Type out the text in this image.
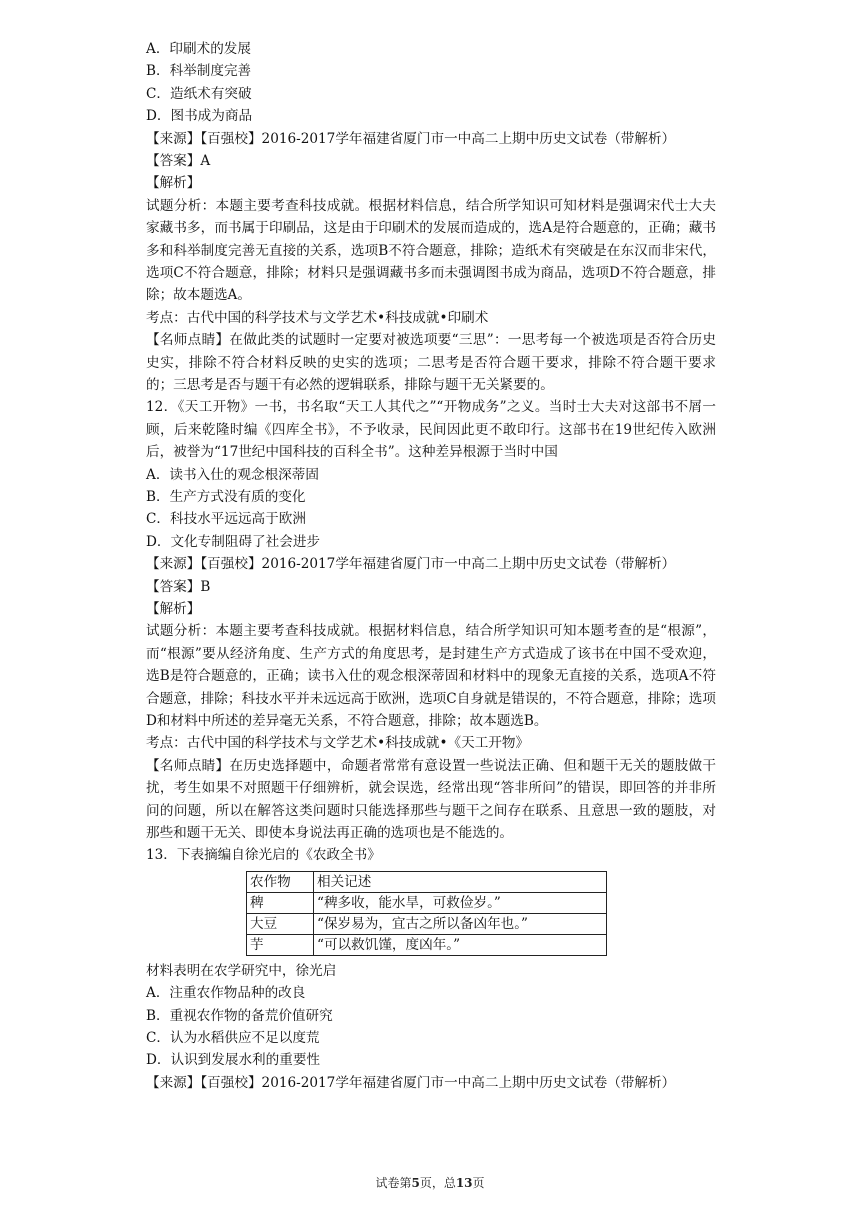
A．印刷术的发展
B．科举制度完善
C．造纸术有突破
D．图书成为商品
【来源】【百强校】2016-2017学年福建省厦门市一中高二上期中历史文试卷（带解析）
【答案】A
【解析】
试题分析：本题主要考查科技成就。根据材料信息，结合所学知识可知材料是强调宋代士大夫家藏书多，而书属于印刷品，这是由于印刷术的发展而造成的，选A是符合题意的，正确；藏书多和科举制度完善无直接的关系，选项B不符合题意，排除；造纸术有突破是在东汉而非宋代，选项C不符合题意，排除；材料只是强调藏书多而未强调图书成为商品，选项D不符合题意，排除；故本题选A。
考点：古代中国的科学技术与文学艺术•科技成就•印刷术
【名师点睛】在做此类的试题时一定要对被选项要“三思”：一思考每一个被选项是否符合历史史实，排除不符合材料反映的史实的选项；二思考是否符合题干要求，排除不符合题干要求的；三思考是否与题干有必然的逻辑联系，排除与题干无关紧要的。
12．《天工开物》一书，书名取“天工人其代之”“开物成务”之义。当时士大夫对这部书不屑一顾，后来乾隆时编《四库全书》，不予收录，民间因此更不敢印行。这部书在19世纪传入欧洲后，被誉为“17世纪中国科技的百科全书”。这种差异根源于当时中国
A．读书入仕的观念根深蒂固
B．生产方式没有质的变化
C．科技水平远远高于欧洲
D．文化专制阻碍了社会进步
【来源】【百强校】2016-2017学年福建省厦门市一中高二上期中历史文试卷（带解析）
【答案】B
【解析】
试题分析：本题主要考查科技成就。根据材料信息，结合所学知识可知本题考查的是“根源”，而“根源”要从经济角度、生产方式的角度思考，是封建生产方式造成了该书在中国不受欢迎，选B是符合题意的，正确；读书入仕的观念根深蒂固和材料中的现象无直接的关系，选项A不符合题意，排除；科技水平并未远远高于欧洲，选项C自身就是错误的，不符合题意，排除；选项D和材料中所述的差异毫无关系，不符合题意，排除；故本题选B。
考点：古代中国的科学技术与文学艺术•科技成就•《天工开物》
【名师点睛】在历史选择题中，命题者常常有意设置一些说法正确、但和题干无关的题肢做干扰，考生如果不对照题干仔细辨析，就会误选，经常出现“答非所问”的错误，即回答的并非所问的问题，所以在解答这类问题时只能选择那些与题干之间存在联系、且意思一致的题肢，对那些和题干无关、即使本身说法再正确的选项也是不能选的。
13．下表摘编自徐光启的《农政全书》
农作物	相关记述
稗	“稗多收，能水旱，可救俭岁。”
大豆	“保岁易为，宜古之所以备凶年也。”
芋	“可以救饥馑，度凶年。”
材料表明在农学研究中，徐光启
A．注重农作物品种的改良
B．重视农作物的备荒价值研究
C．认为水稻供应不足以度荒
D．认识到发展水利的重要性
【来源】【百强校】2016-2017学年福建省厦门市一中高二上期中历史文试卷（带解析）
试卷第5页，总13页
